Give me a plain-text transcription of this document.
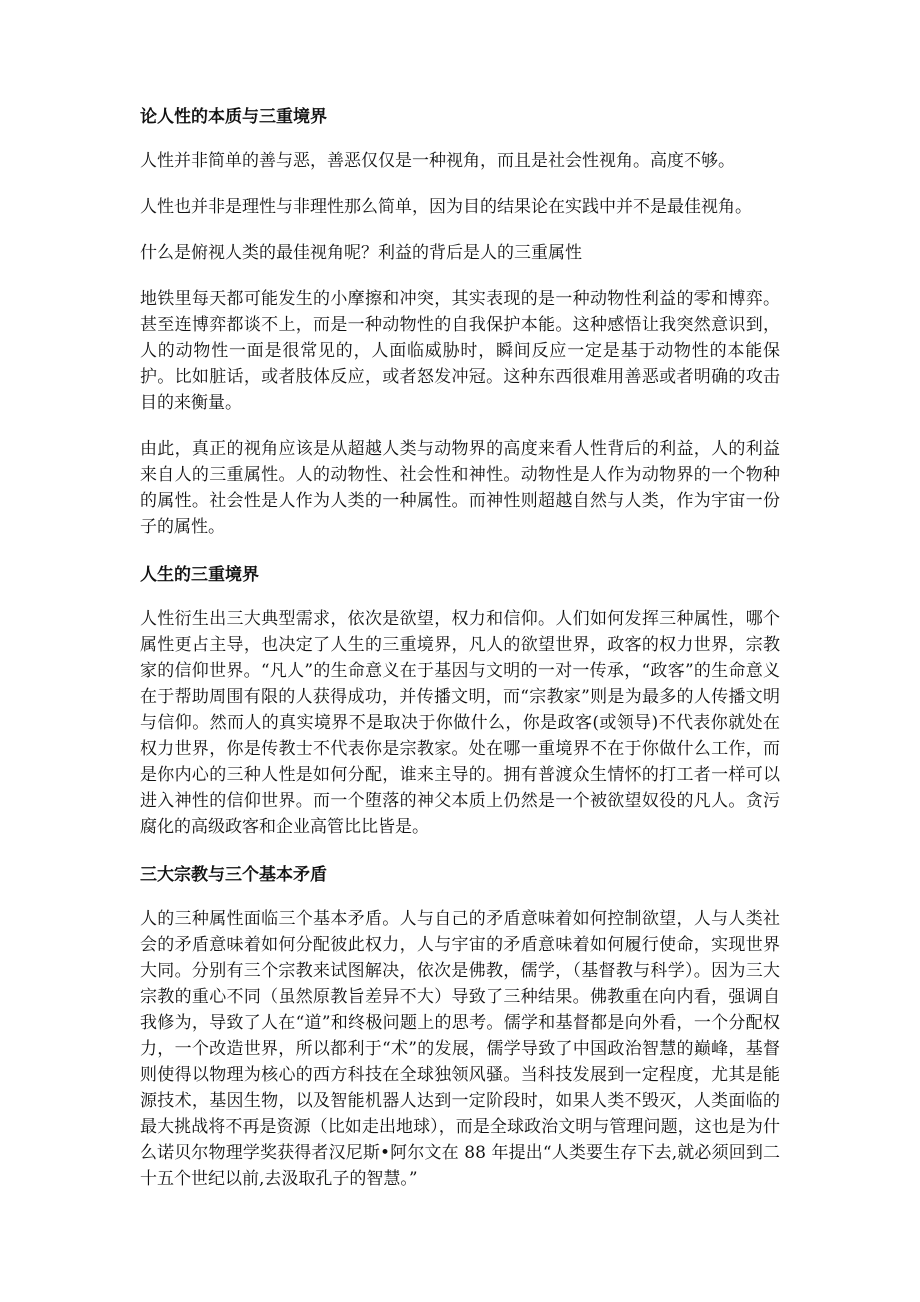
论人性的本质与三重境界

人性并非简单的善与恶，善恶仅仅是一种视角，而且是社会性视角。高度不够。

人性也并非是理性与非理性那么简单，因为目的结果论在实践中并不是最佳视角。

什么是俯视人类的最佳视角呢？利益的背后是人的三重属性

地铁里每天都可能发生的小摩擦和冲突，其实表现的是一种动物性利益的零和博弈。甚至连博弈都谈不上，而是一种动物性的自我保护本能。这种感悟让我突然意识到，人的动物性一面是很常见的，人面临威胁时，瞬间反应一定是基于动物性的本能保护。比如脏话，或者肢体反应，或者怒发冲冠。这种东西很难用善恶或者明确的攻击目的来衡量。

由此，真正的视角应该是从超越人类与动物界的高度来看人性背后的利益，人的利益来自人的三重属性。人的动物性、社会性和神性。动物性是人作为动物界的一个物种的属性。社会性是人作为人类的一种属性。而神性则超越自然与人类，作为宇宙一份子的属性。

人生的三重境界

人性衍生出三大典型需求，依次是欲望，权力和信仰。人们如何发挥三种属性，哪个属性更占主导，也决定了人生的三重境界，凡人的欲望世界，政客的权力世界，宗教家的信仰世界。“凡人”的生命意义在于基因与文明的一对一传承，“政客”的生命意义在于帮助周围有限的人获得成功，并传播文明，而“宗教家”则是为最多的人传播文明与信仰。然而人的真实境界不是取决于你做什么，你是政客(或领导)不代表你就处在权力世界，你是传教士不代表你是宗教家。处在哪一重境界不在于你做什么工作，而是你内心的三种人性是如何分配，谁来主导的。拥有普渡众生情怀的打工者一样可以进入神性的信仰世界。而一个堕落的神父本质上仍然是一个被欲望奴役的凡人。贪污腐化的高级政客和企业高管比比皆是。

三大宗教与三个基本矛盾

人的三种属性面临三个基本矛盾。人与自己的矛盾意味着如何控制欲望，人与人类社会的矛盾意味着如何分配彼此权力，人与宇宙的矛盾意味着如何履行使命，实现世界大同。分别有三个宗教来试图解决，依次是佛教，儒学，（基督教与科学）。因为三大宗教的重心不同（虽然原教旨差异不大）导致了三种结果。佛教重在向内看，强调自我修为，导致了人在“道”和终极问题上的思考。儒学和基督都是向外看，一个分配权力，一个改造世界，所以都利于“术”的发展，儒学导致了中国政治智慧的巅峰，基督则使得以物理为核心的西方科技在全球独领风骚。当科技发展到一定程度，尤其是能源技术，基因生物，以及智能机器人达到一定阶段时，如果人类不毁灭，人类面临的最大挑战将不再是资源（比如走出地球），而是全球政治文明与管理问题，这也是为什么诺贝尔物理学奖获得者汉尼斯•阿尔文在 88 年提出“人类要生存下去,就必须回到二十五个世纪以前,去汲取孔子的智慧。”
